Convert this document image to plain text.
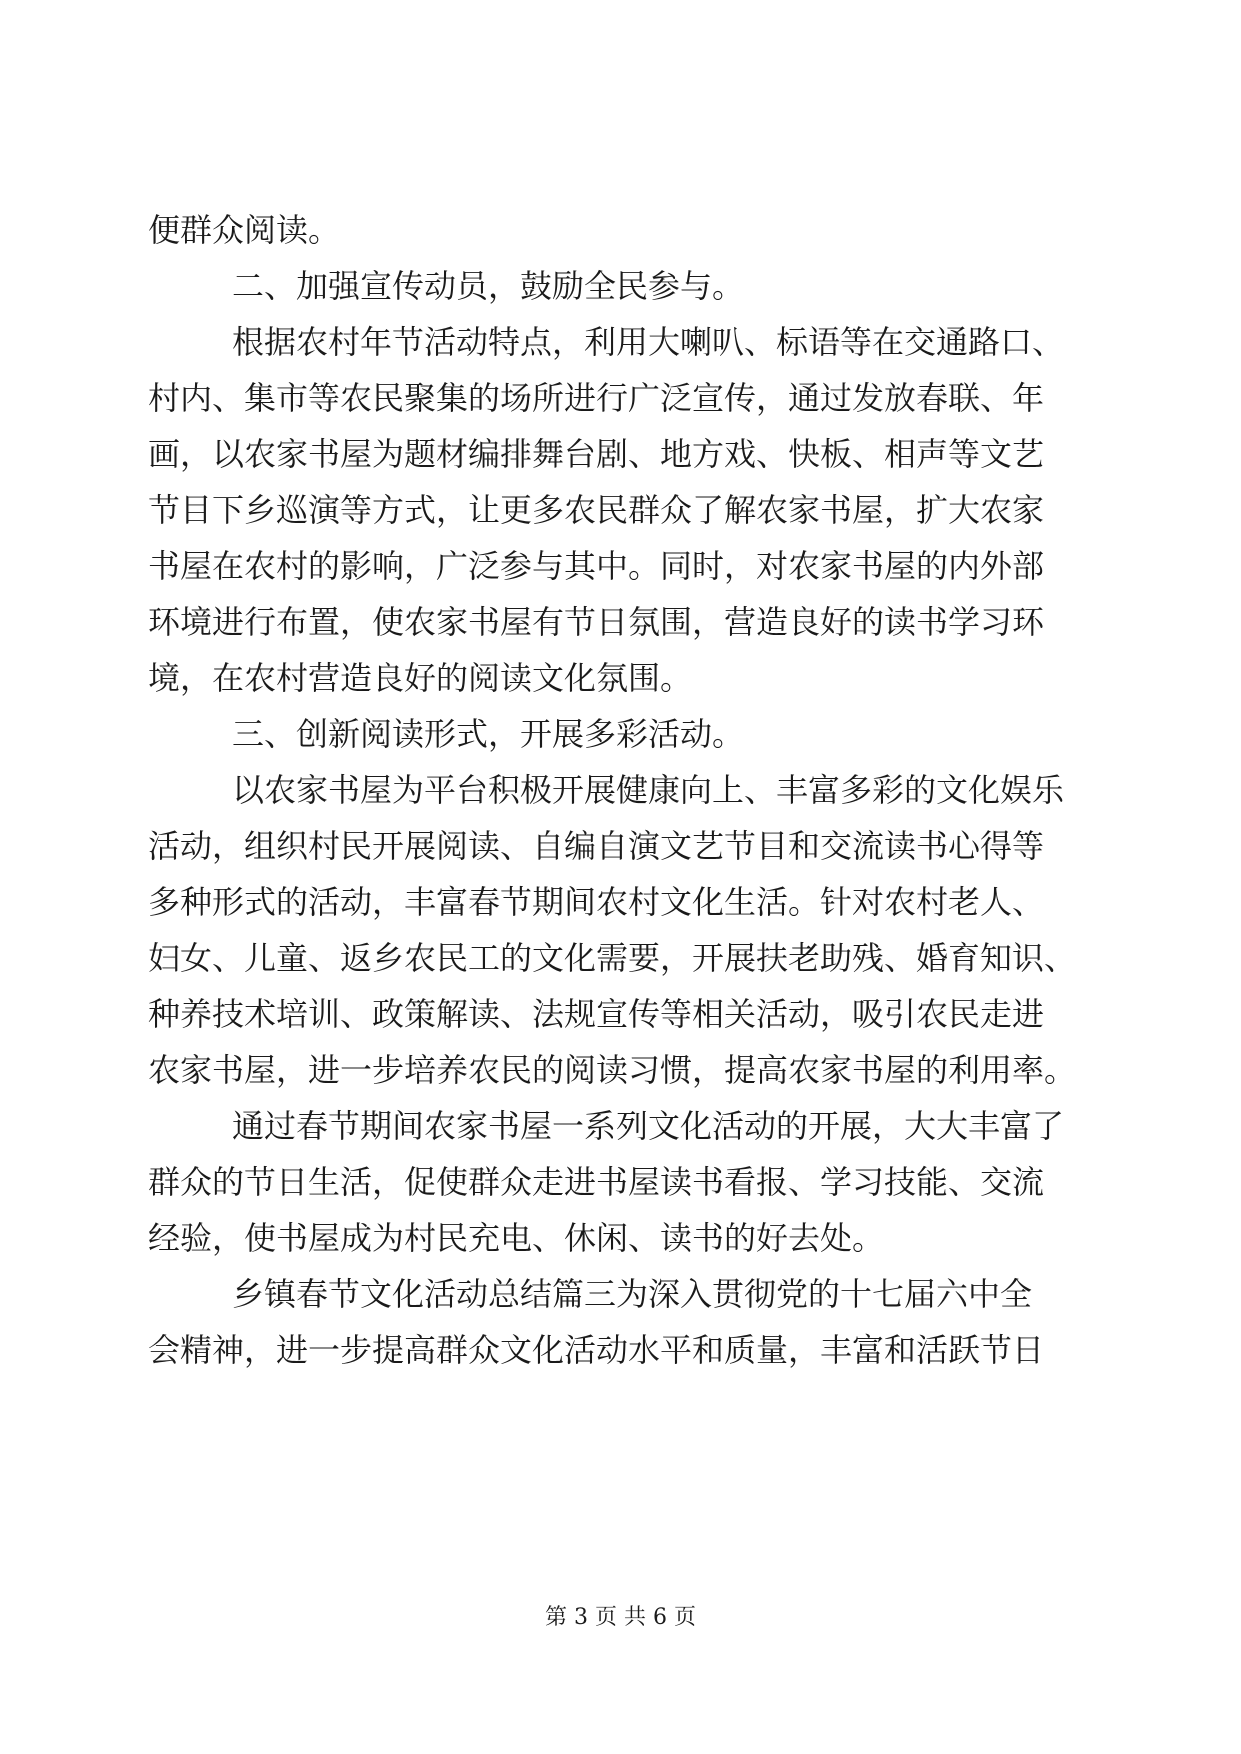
便群众阅读。
二、加强宣传动员，鼓励全民参与。
根据农村年节活动特点，利用大喇叭、标语等在交通路口、
村内、集市等农民聚集的场所进行广泛宣传，通过发放春联、年
画，以农家书屋为题材编排舞台剧、地方戏、快板、相声等文艺
节目下乡巡演等方式，让更多农民群众了解农家书屋，扩大农家
书屋在农村的影响，广泛参与其中。同时，对农家书屋的内外部
环境进行布置，使农家书屋有节日氛围，营造良好的读书学习环
境，在农村营造良好的阅读文化氛围。
三、创新阅读形式，开展多彩活动。
以农家书屋为平台积极开展健康向上、丰富多彩的文化娱乐
活动，组织村民开展阅读、自编自演文艺节目和交流读书心得等
多种形式的活动，丰富春节期间农村文化生活。针对农村老人、
妇女、儿童、返乡农民工的文化需要，开展扶老助残、婚育知识、
种养技术培训、政策解读、法规宣传等相关活动，吸引农民走进
农家书屋，进一步培养农民的阅读习惯，提高农家书屋的利用率。
通过春节期间农家书屋一系列文化活动的开展，大大丰富了
群众的节日生活，促使群众走进书屋读书看报、学习技能、交流
经验，使书屋成为村民充电、休闲、读书的好去处。
乡镇春节文化活动总结篇三为深入贯彻党的十七届六中全
会精神，进一步提高群众文化活动水平和质量，丰富和活跃节日
第 3 页 共 6 页
